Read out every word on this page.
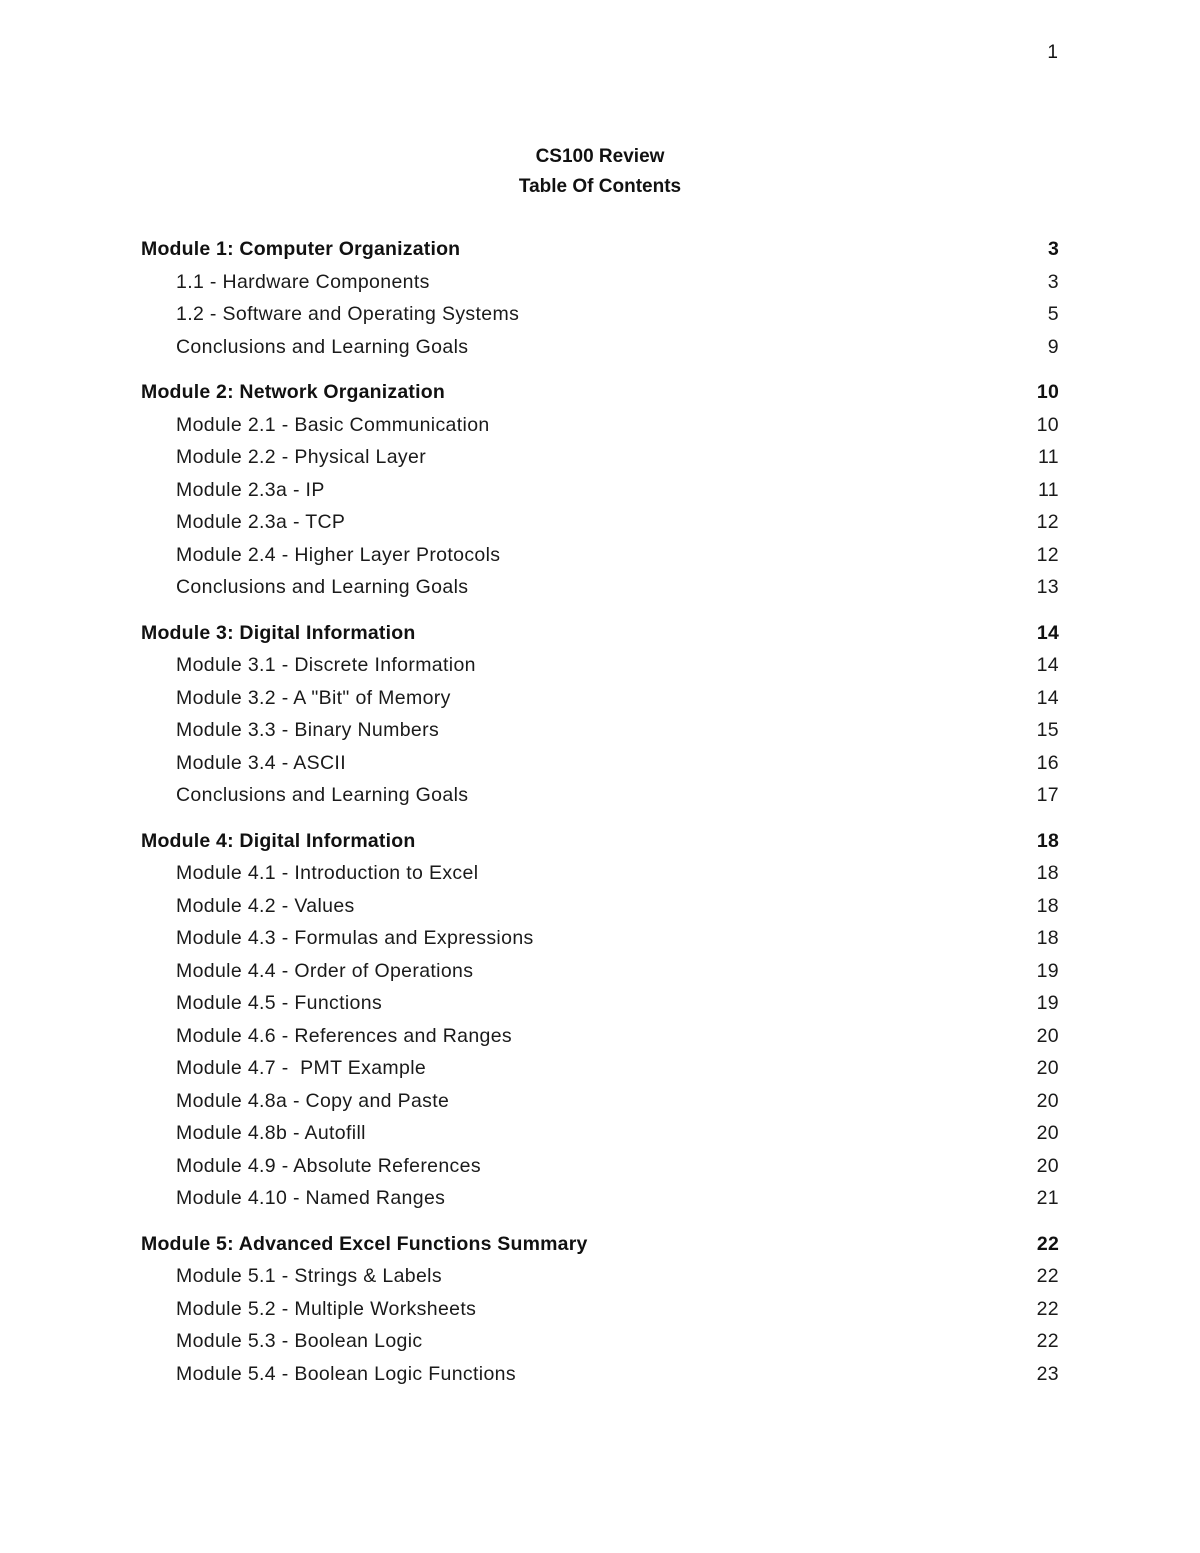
1
CS100 Review
Table Of Contents
Module 1: Computer Organization	3
1.1 - Hardware Components	3
1.2 - Software and Operating Systems	5
Conclusions and Learning Goals	9
Module 2: Network Organization	10
Module 2.1 - Basic Communication	10
Module 2.2 - Physical Layer	11
Module 2.3a - IP	11
Module 2.3a - TCP	12
Module 2.4 - Higher Layer Protocols	12
Conclusions and Learning Goals	13
Module 3: Digital Information	14
Module 3.1 - Discrete Information	14
Module 3.2 - A "Bit" of Memory	14
Module 3.3 - Binary Numbers	15
Module 3.4 - ASCII	16
Conclusions and Learning Goals	17
Module 4: Digital Information	18
Module 4.1 - Introduction to Excel	18
Module 4.2 - Values	18
Module 4.3 - Formulas and Expressions	18
Module 4.4 - Order of Operations	19
Module 4.5 - Functions	19
Module 4.6 - References and Ranges	20
Module 4.7 -  PMT Example	20
Module 4.8a - Copy and Paste	20
Module 4.8b - Autofill	20
Module 4.9 - Absolute References	20
Module 4.10 - Named Ranges	21
Module 5: Advanced Excel Functions Summary	22
Module 5.1 - Strings & Labels	22
Module 5.2 - Multiple Worksheets	22
Module 5.3 - Boolean Logic	22
Module 5.4 - Boolean Logic Functions	23
